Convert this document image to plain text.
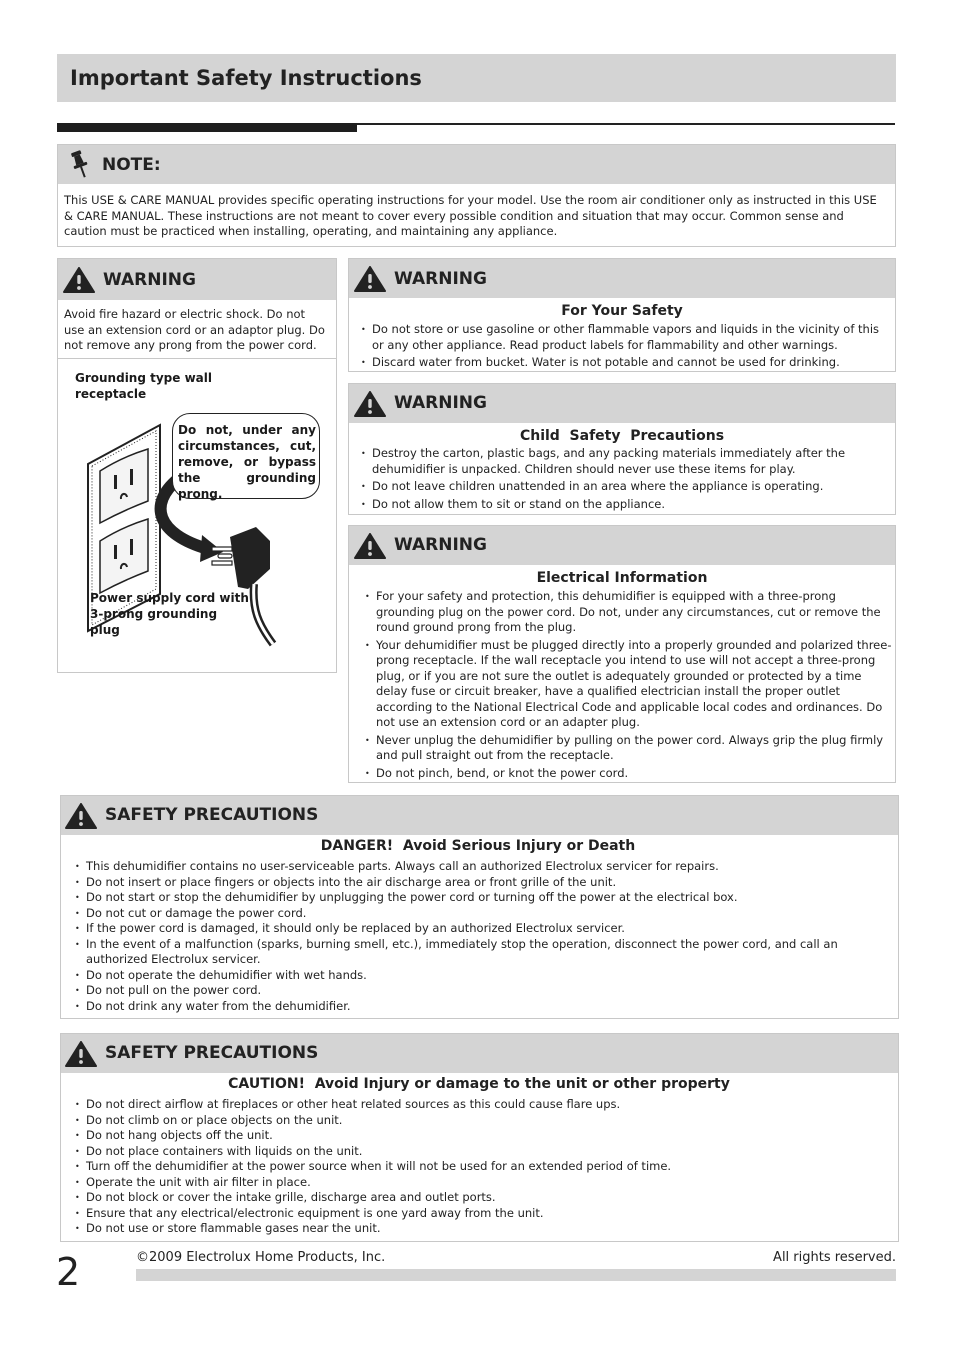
Important Safety Instructions
NOTE:
This USE & CARE MANUAL provides specific operating instructions for your model. Use the room air conditioner only as instructed in this USE & CARE MANUAL. These instructions are not meant to cover every possible condition and situation that may occur. Common sense and caution must be practiced when installing, operating, and maintaining any appliance.
WARNING
Avoid fire hazard or electric shock. Do not use an extension cord or an adaptor plug. Do not remove any prong from the power cord.
Grounding type wall receptacle
Do not, under any circumstances, cut, remove, or bypass the grounding prong.
Power supply cord with 3-prong grounding plug
WARNING
For Your Safety
• Do not store or use gasoline or other flammable vapors and liquids in the vicinity of this or any other appliance. Read product labels for flammability and other warnings.
• Discard water from bucket. Water is not potable and cannot be used for drinking.
WARNING
Child  Safety  Precautions
• Destroy the carton, plastic bags, and any packing materials immediately after the dehumidifier is unpacked. Children should never use these items for play.
• Do not leave children unattended in an area where the appliance is operating.
• Do not allow them to sit or stand on the appliance.
WARNING
Electrical Information
• For your safety and protection, this dehumidifier is equipped with a three-prong grounding plug on the power cord. Do not, under any circumstances, cut or remove the round ground prong from the plug.
• Your dehumidifier must be plugged directly into a properly grounded and polarized three-prong receptacle. If the wall receptacle you intend to use will not accept a three-prong plug, or if you are not sure the outlet is adequately grounded or protected by a time delay fuse or circuit breaker, have a qualified electrician install the proper outlet according to the National Electrical Code and applicable local codes and ordinances. Do not use an extension cord or an adapter plug.
• Never unplug the dehumidifier by pulling on the power cord. Always grip the plug firmly and pull straight out from the receptacle.
• Do not pinch, bend, or knot the power cord.
SAFETY PRECAUTIONS
DANGER!  Avoid Serious Injury or Death
• This dehumidifier contains no user-serviceable parts. Always call an authorized Electrolux servicer for repairs.
• Do not insert or place fingers or objects into the air discharge area or front grille of the unit.
• Do not start or stop the dehumidifier by unplugging the power cord or turning off the power at the electrical box.
• Do not cut or damage the power cord.
• If the power cord is damaged, it should only be replaced by an authorized Electrolux servicer.
• In the event of a malfunction (sparks, burning smell, etc.), immediately stop the operation, disconnect the power cord, and call an authorized Electrolux servicer.
• Do not operate the dehumidifier with wet hands.
• Do not pull on the power cord.
• Do not drink any water from the dehumidifier.
SAFETY PRECAUTIONS
CAUTION!  Avoid Injury or damage to the unit or other property
• Do not direct airflow at fireplaces or other heat related sources as this could cause flare ups.
• Do not climb on or place objects on the unit.
• Do not hang objects off the unit.
• Do not place containers with liquids on the unit.
• Turn off the dehumidifier at the power source when it will not be used for an extended period of time.
• Operate the unit with air filter in place.
• Do not block or cover the intake grille, discharge area and outlet ports.
• Ensure that any electrical/electronic equipment is one yard away from the unit.
• Do not use or store flammable gases near the unit.
2	©2009 Electrolux Home Products, Inc.	All rights reserved.
